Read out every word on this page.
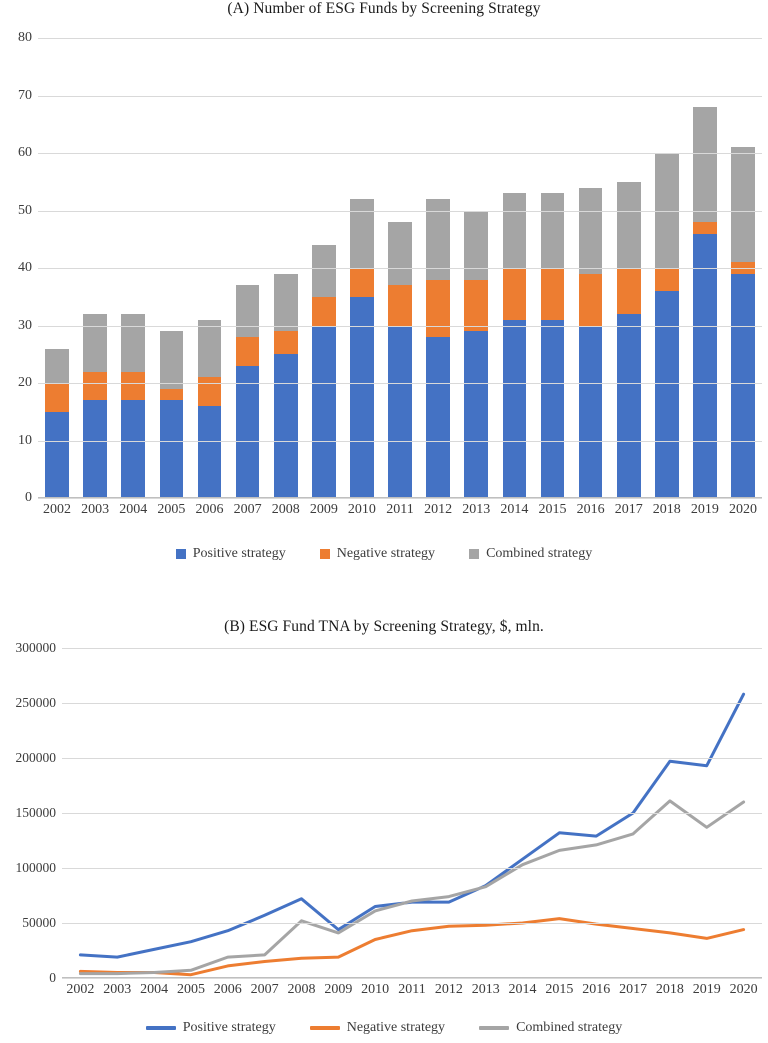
(A) Number of ESG Funds by Screening Strategy
0
10
20
30
40
50
60
70
80
2002 2003 2004 2005 2006 2007 2008 2009 2010 2011 2012 2013 2014 2015 2016 2017 2018 2019 2020
Positive strategy	Negative strategy	Combined strategy
(B) ESG Fund TNA by Screening Strategy, $, mln.
0
50000
100000
150000
200000
250000
300000
2002 2003 2004 2005 2006 2007 2008 2009 2010 2011 2012 2013 2014 2015 2016 2017 2018 2019 2020
Positive strategy	Negative strategy	Combined strategy
